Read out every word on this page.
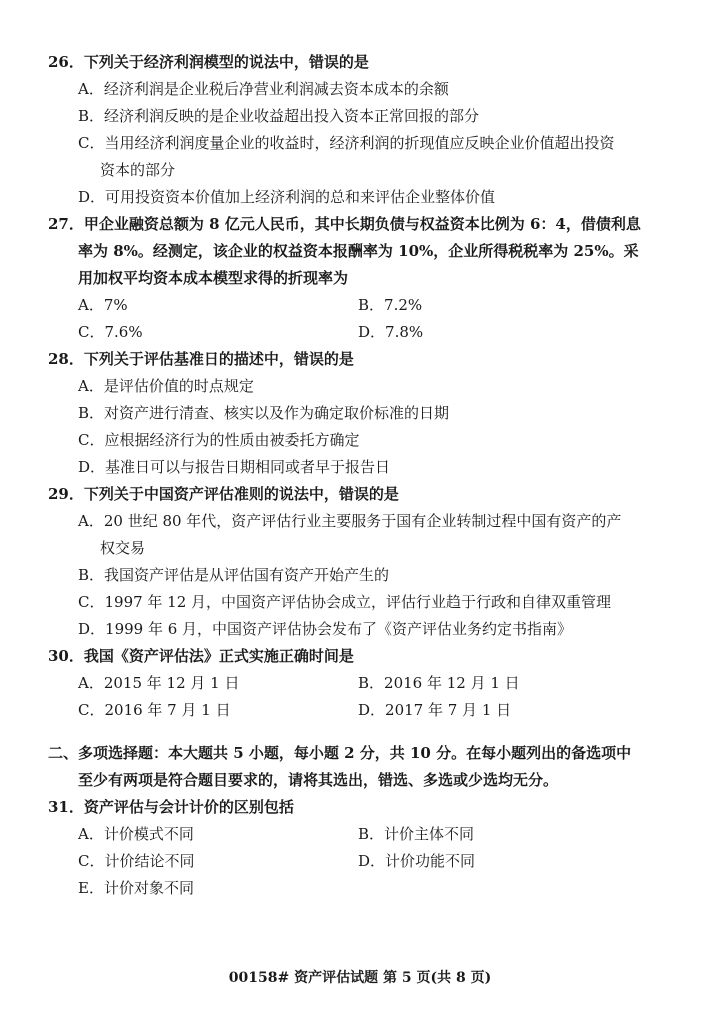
26．下列关于经济利润模型的说法中，错误的是
A．经济利润是企业税后净营业利润减去资本成本的余额
B．经济利润反映的是企业收益超出投入资本正常回报的部分
C．当用经济利润度量企业的收益时，经济利润的折现值应反映企业价值超出投资
资本的部分
D．可用投资资本价值加上经济利润的总和来评估企业整体价值
27．甲企业融资总额为 8 亿元人民币，其中长期负债与权益资本比例为 6：4，借债利息
率为 8%。经测定，该企业的权益资本报酬率为 10%，企业所得税税率为 25%。采
用加权平均资本成本模型求得的折现率为
A．7%	B．7.2%
C．7.6%	D．7.8%
28．下列关于评估基准日的描述中，错误的是
A．是评估价值的时点规定
B．对资产进行清查、核实以及作为确定取价标准的日期
C．应根据经济行为的性质由被委托方确定
D．基准日可以与报告日期相同或者早于报告日
29．下列关于中国资产评估准则的说法中，错误的是
A．20 世纪 80 年代，资产评估行业主要服务于国有企业转制过程中国有资产的产
权交易
B．我国资产评估是从评估国有资产开始产生的
C．1997 年 12 月，中国资产评估协会成立，评估行业趋于行政和自律双重管理
D．1999 年 6 月，中国资产评估协会发布了《资产评估业务约定书指南》
30．我国《资产评估法》正式实施正确时间是
A．2015 年 12 月 1 日	B．2016 年 12 月 1 日
C．2016 年 7 月 1 日	D．2017 年 7 月 1 日
二、多项选择题：本大题共 5 小题，每小题 2 分，共 10 分。在每小题列出的备选项中
至少有两项是符合题目要求的，请将其选出，错选、多选或少选均无分。
31．资产评估与会计计价的区别包括
A．计价模式不同	B．计价主体不同
C．计价结论不同	D．计价功能不同
E．计价对象不同
00158# 资产评估试题 第 5 页(共 8 页)
